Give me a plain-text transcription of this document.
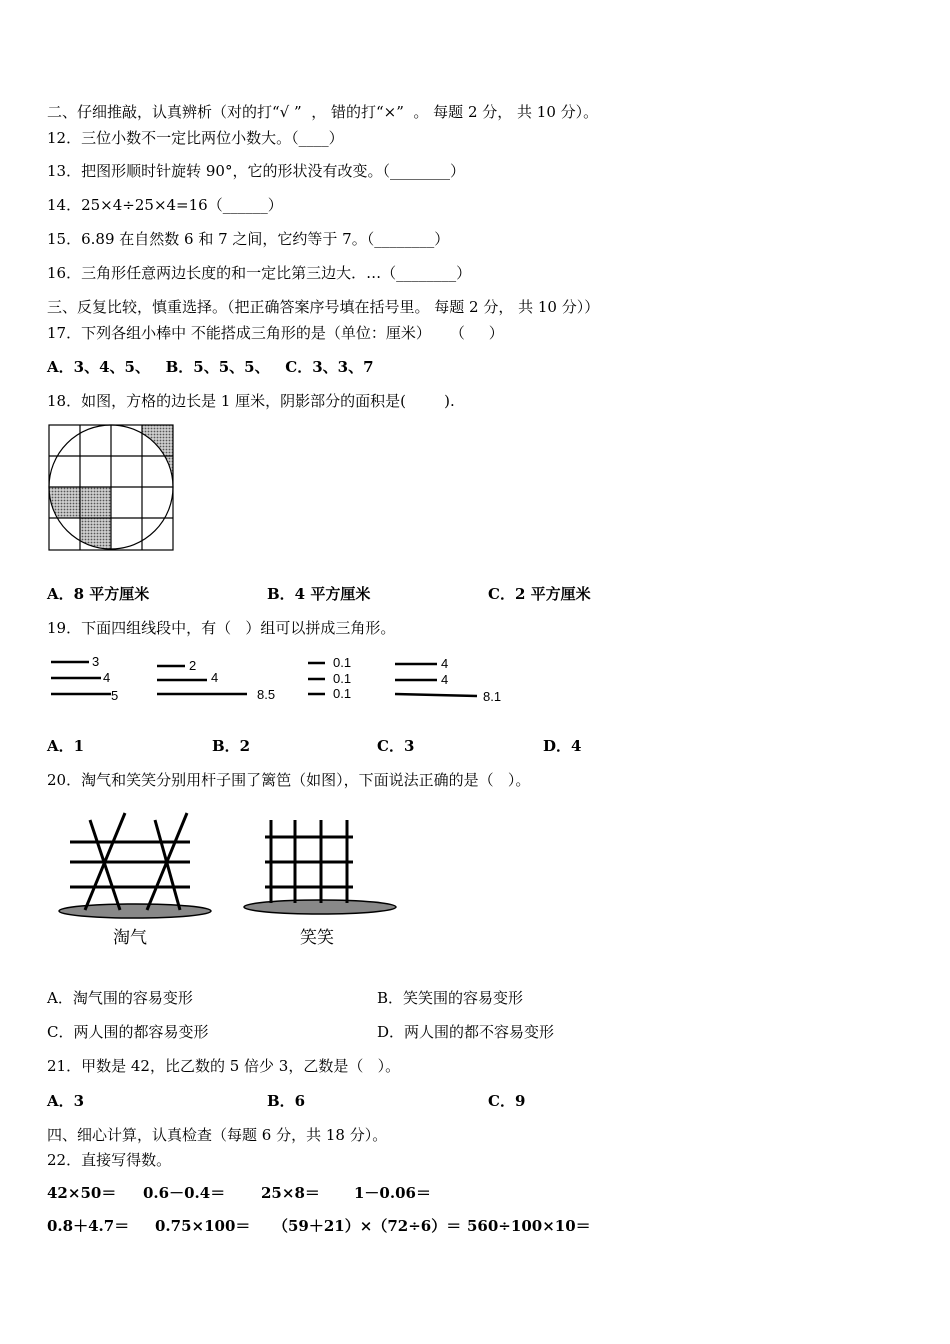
二、仔细推敲，认真辨析（对的打“√ ”  ， 错的打“×”  。 每题 2 分， 共 10 分）。
12．三位小数不一定比两位小数大。（____）
13．把图形顺时针旋转 90°，它的形状没有改变。（________）
14．25×4÷25×4=16（______）
15．6.89 在自然数 6 和 7 之间，它约等于 7。（________）
16．三角形任意两边长度的和一定比第三边大．…（________）
三、反复比较，慎重选择。（把正确答案序号填在括号里。 每题 2 分， 共 10 分））
17．下列各组小棒中 不能搭成三角形的是（单位：厘米）    （     ）
A．3、4、5、   B．5、5、5、   C．3、3、7
18．如图，方格的边长是 1 厘米，阴影部分的面积是(        ).
A．8 平方厘米	B．4 平方厘米	C．2 平方厘米
19．下面四组线段中，有（   ）组可以拼成三角形。
3
4
5
2
4
8.5
0.1
0.1
0.1
4
4
8.1
A．1	B．2	C．3	D．4
20．淘气和笑笑分别用杆子围了篱笆（如图），下面说法正确的是（   ）。
淘气	笑笑
A．淘气围的容易变形	B．笑笑围的容易变形
C．两人围的都容易变形	D．两人围的都不容易变形
21．甲数是 42，比乙数的 5 倍少 3，乙数是（   ）。
A．3	B．6	C．9
四、细心计算，认真检查（每题 6 分，共 18 分）。
22．直接写得数。
42×50＝ 0.6－0.4＝ 25×8＝ 1－0.06＝
0.8＋4.7＝ 0.75×100＝ （59＋21）×（72÷6）＝ 560÷100×10＝
